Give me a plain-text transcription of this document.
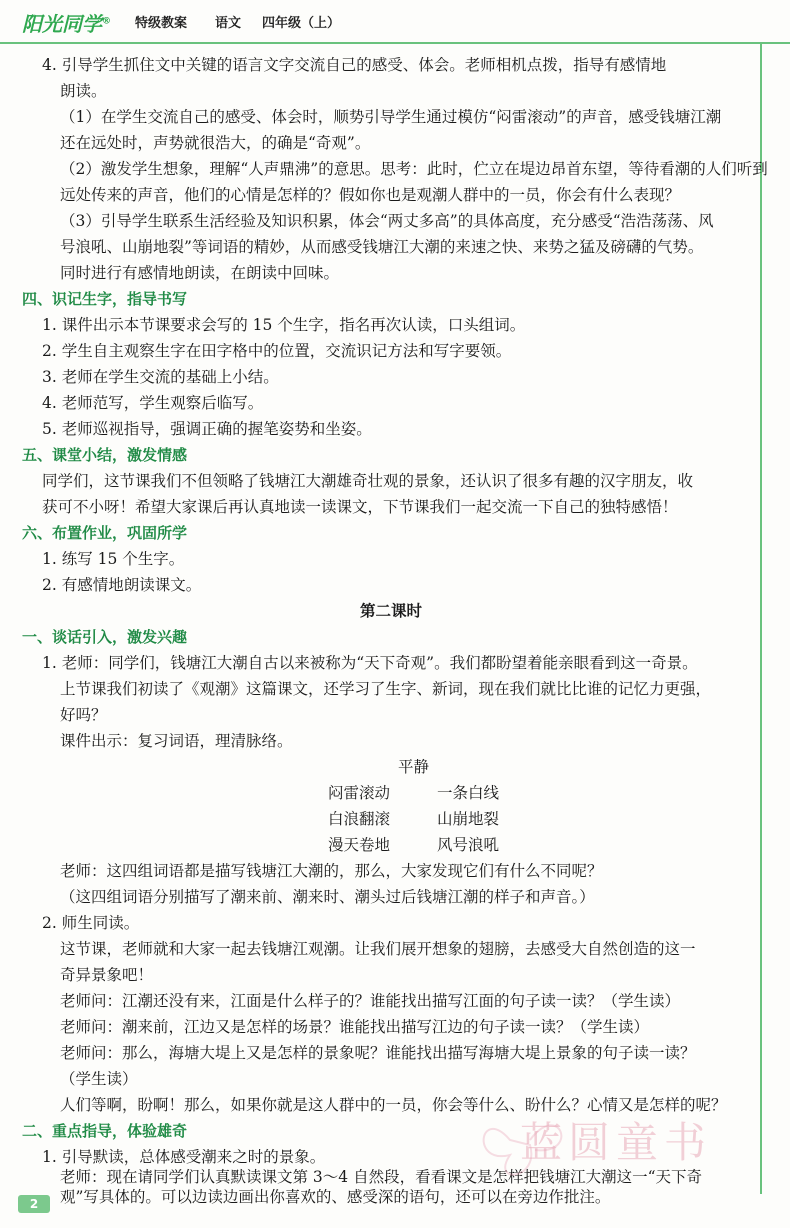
阳光同学® 特级教案 语文 四年级（上）
4. 引导学生抓住文中关键的语言文字交流自己的感受、体会。老师相机点拨，指导有感情地
朗读。
（1）在学生交流自己的感受、体会时，顺势引导学生通过模仿“闷雷滚动”的声音，感受钱塘江潮
还在远处时，声势就很浩大，的确是“奇观”。
（2）激发学生想象，理解“人声鼎沸”的意思。思考：此时，伫立在堤边昂首东望，等待看潮的人们听到
远处传来的声音，他们的心情是怎样的？假如你也是观潮人群中的一员，你会有什么表现？
（3）引导学生联系生活经验及知识积累，体会“两丈多高”的具体高度，充分感受“浩浩荡荡、风
号浪吼、山崩地裂”等词语的精妙，从而感受钱塘江大潮的来速之快、来势之猛及磅礴的气势。
同时进行有感情地朗读，在朗读中回味。
四、识记生字，指导书写
1. 课件出示本节课要求会写的 15 个生字，指名再次认读，口头组词。
2. 学生自主观察生字在田字格中的位置，交流识记方法和写字要领。
3. 老师在学生交流的基础上小结。
4. 老师范写，学生观察后临写。
5. 老师巡视指导，强调正确的握笔姿势和坐姿。
五、课堂小结，激发情感
同学们，这节课我们不但领略了钱塘江大潮雄奇壮观的景象，还认识了很多有趣的汉字朋友，收
获可不小呀！希望大家课后再认真地读一读课文，下节课我们一起交流一下自己的独特感悟！
六、布置作业，巩固所学
1. 练写 15 个生字。
2. 有感情地朗读课文。
第二课时
一、谈话引入，激发兴趣
1. 老师：同学们，钱塘江大潮自古以来被称为“天下奇观”。我们都盼望着能亲眼看到这一奇景。
上节课我们初读了《观潮》这篇课文，还学习了生字、新词，现在我们就比比谁的记忆力更强，
好吗？
课件出示：复习词语，理清脉络。
平静
闷雷滚动	一条白线
白浪翻滚	山崩地裂
漫天卷地	风号浪吼
老师：这四组词语都是描写钱塘江大潮的，那么，大家发现它们有什么不同呢？
（这四组词语分别描写了潮来前、潮来时、潮头过后钱塘江潮的样子和声音。）
2. 师生同读。
这节课，老师就和大家一起去钱塘江观潮。让我们展开想象的翅膀，去感受大自然创造的这一
奇异景象吧！
老师问：江潮还没有来，江面是什么样子的？谁能找出描写江面的句子读一读？（学生读）
老师问：潮来前，江边又是怎样的场景？谁能找出描写江边的句子读一读？（学生读）
老师问：那么，海塘大堤上又是怎样的景象呢？谁能找出描写海塘大堤上景象的句子读一读？
（学生读）
人们等啊，盼啊！那么，如果你就是这人群中的一员，你会等什么、盼什么？心情又是怎样的呢？
二、重点指导，体验雄奇
1. 引导默读，总体感受潮来之时的景象。
老师：现在请同学们认真默读课文第 3～4 自然段，看看课文是怎样把钱塘江大潮这一“天下奇
观”写具体的。可以边读边画出你喜欢的、感受深的语句，还可以在旁边作批注。
蓝圆童书
2
